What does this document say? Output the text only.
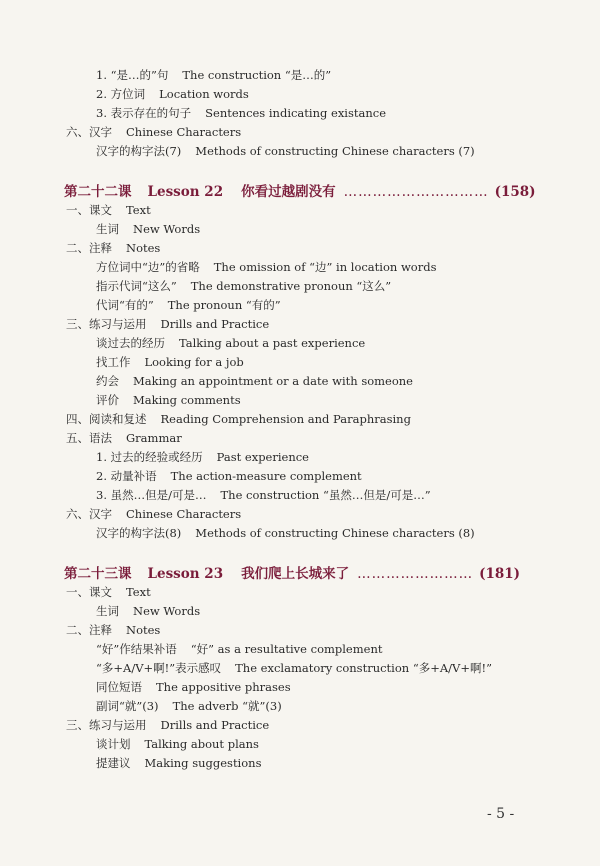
1. “是…的”句 The construction “是…的”
2. 方位词 Location words
3. 表示存在的句子 Sentences indicating existance
六、汉字 Chinese Characters
汉字的构字法(7) Methods of constructing Chinese characters (7)
第二十二课 Lesson 22 你看过越剧没有 ………………………… (158)
一、课文 Text
生词 New Words
二、注释 Notes
方位词中“边”的省略 The omission of “边” in location words
指示代词“这么” The demonstrative pronoun “这么”
代词“有的” The pronoun “有的”
三、练习与运用 Drills and Practice
谈过去的经历 Talking about a past experience
找工作 Looking for a job
约会 Making an appointment or a date with someone
评价 Making comments
四、阅读和复述 Reading Comprehension and Paraphrasing
五、语法 Grammar
1. 过去的经验或经历 Past experience
2. 动量补语 The action-measure complement
3. 虽然…但是/可是… The construction “虽然…但是/可是…”
六、汉字 Chinese Characters
汉字的构字法(8) Methods of constructing Chinese characters (8)
第二十三课 Lesson 23 我们爬上长城来了 …………………… (181)
一、课文 Text
生词 New Words
二、注释 Notes
“好”作结果补语 “好” as a resultative complement
“多+A/V+啊!”表示感叹 The exclamatory construction “多+A/V+啊!”
同位短语 The appositive phrases
副词“就”(3) The adverb “就”(3)
三、练习与运用 Drills and Practice
谈计划 Talking about plans
提建议 Making suggestions
- 5 -
